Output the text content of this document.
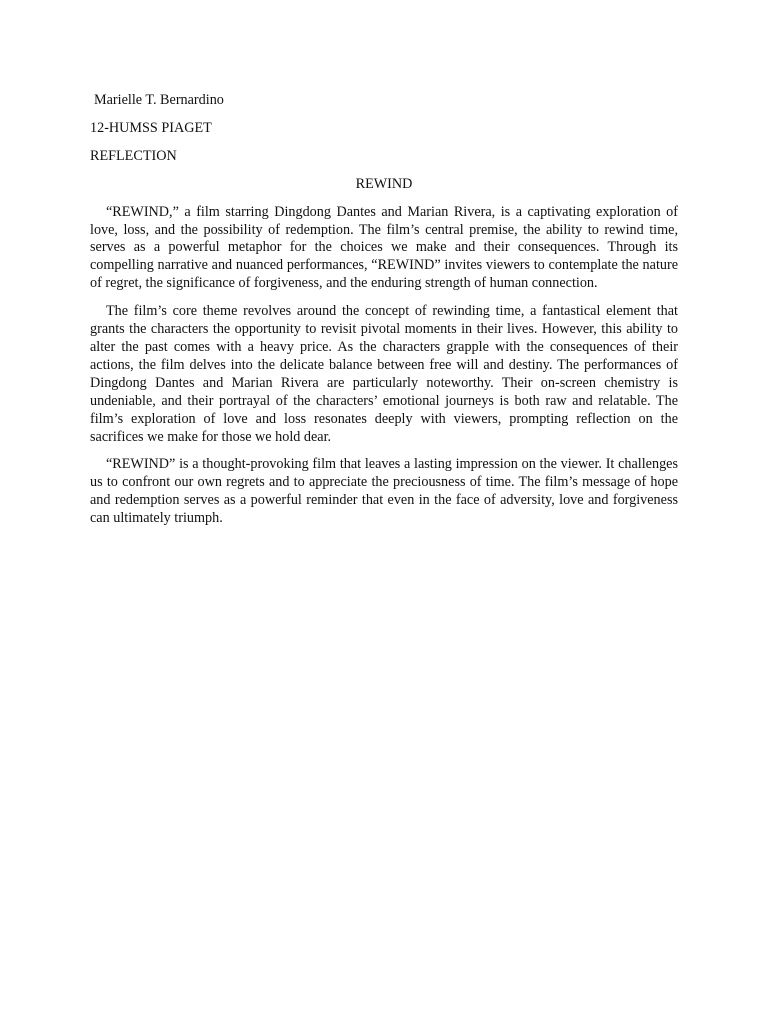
Marielle T. Bernardino
12-HUMSS PIAGET
REFLECTION
REWIND

“REWIND,” a film starring Dingdong Dantes and Marian Rivera, is a captivating exploration of love, loss, and the possibility of redemption. The film’s central premise, the ability to rewind time, serves as a powerful metaphor for the choices we make and their consequences. Through its compelling narrative and nuanced performances, “REWIND” invites viewers to contemplate the nature of regret, the significance of forgiveness, and the enduring strength of human connection.

The film’s core theme revolves around the concept of rewinding time, a fantastical element that grants the characters the opportunity to revisit pivotal moments in their lives. However, this ability to alter the past comes with a heavy price. As the characters grapple with the consequences of their actions, the film delves into the delicate balance between free will and destiny. The performances of Dingdong Dantes and Marian Rivera are particularly noteworthy. Their on-screen chemistry is undeniable, and their portrayal of the characters’ emotional journeys is both raw and relatable. The film’s exploration of love and loss resonates deeply with viewers, prompting reflection on the sacrifices we make for those we hold dear.

“REWIND” is a thought-provoking film that leaves a lasting impression on the viewer. It challenges us to confront our own regrets and to appreciate the preciousness of time. The film’s message of hope and redemption serves as a powerful reminder that even in the face of adversity, love and forgiveness can ultimately triumph.
